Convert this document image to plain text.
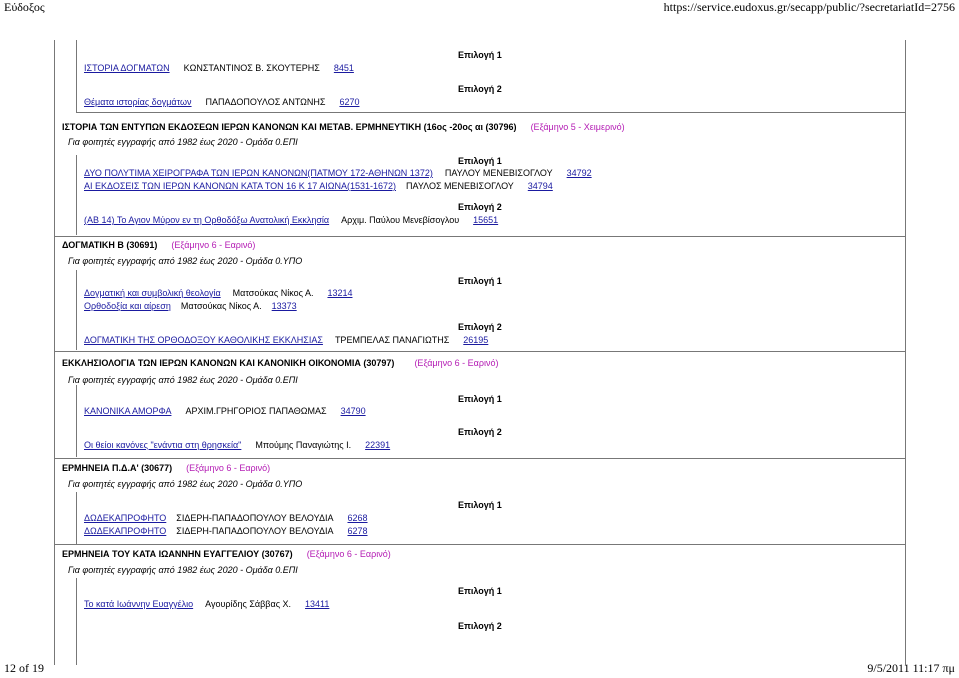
Εύδοξος	https://service.eudoxus.gr/secapp/public/?secretariatId=2756
Επιλογή 1
ΙΣΤΟΡΙΑ ΔΟΓΜΑΤΩΝ ΚΩΝΣΤΑΝΤΙΝΟΣ Β. ΣΚΟΥΤΕΡΗΣ 8451
Επιλογή 2
Θέματα ιστορίας δογμάτων ΠΑΠΑΔΟΠΟΥΛΟΣ ΑΝΤΩΝΗΣ 6270
ΙΣΤΟΡΙΑ ΤΩΝ ΕΝΤΥΠΩΝ ΕΚΔΟΣΕΩΝ ΙΕΡΩΝ ΚΑΝΟΝΩΝ ΚΑΙ ΜΕΤΑΒ. ΕΡΜΗΝΕΥΤΙΚΗ (16ος -20ος αι (30796) (Εξάμηνο 5 - Χειμερινό)
Για φοιτητές εγγραφής από 1982 έως 2020 - Ομάδα 0.ΕΠΙ
Επιλογή 1
ΔΥΟ ΠΟΛΥΤΙΜΑ ΧΕΙΡΟΓΡΑΦΑ ΤΩΝ ΙΕΡΩΝ ΚΑΝΟΝΩΝ(ΠΑΤΜΟΥ 172-ΑΘΗΝΩΝ 1372) ΠΑΥΛΟΥ ΜΕΝΕΒΙΣΟΓΛΟΥ 34792
ΑΙ ΕΚΔΟΣΕΙΣ ΤΩΝ ΙΕΡΩΝ ΚΑΝΟΝΩΝ ΚΑΤΑ ΤΟΝ 16 Κ 17 ΑΙΩΝΑ(1531-1672) ΠΑΥΛΟΣ ΜΕΝΕΒΙΣΟΓΛΟΥ 34794
Επιλογή 2
(ΑΒ 14) Το Αγιον Μύρον εν τη Ορθοδόξω Ανατολική Εκκλησία Αρχιμ. Παύλου Μενεβίσογλου 15651
ΔΟΓΜΑΤΙΚΗ Β (30691) (Εξάμηνο 6 - Εαρινό)
Για φοιτητές εγγραφής από 1982 έως 2020 - Ομάδα 0.ΥΠΟ
Επιλογή 1
Δογματική και συμβολική θεολογία Ματσούκας Νίκος Α. 13214
Ορθοδοξία και αίρεση Ματσούκας Νίκος Α. 13373
Επιλογή 2
ΔΟΓΜΑΤΙΚΗ ΤΗΣ ΟΡΘΟΔΟΞΟΥ ΚΑΘΟΛΙΚΗΣ ΕΚΚΛΗΣΙΑΣ ΤΡΕΜΠΕΛΑΣ ΠΑΝΑΓΙΩΤΗΣ 26195
ΕΚΚΛΗΣΙΟΛΟΓΙΑ ΤΩΝ ΙΕΡΩΝ ΚΑΝΟΝΩΝ ΚΑΙ ΚΑΝΟΝΙΚΗ ΟΙΚΟΝΟΜΙΑ (30797) (Εξάμηνο 6 - Εαρινό)
Για φοιτητές εγγραφής από 1982 έως 2020 - Ομάδα 0.ΕΠΙ
Επιλογή 1
ΚΑΝΟΝΙΚΑ ΑΜΟΡΦΑ ΑΡΧΙΜ.ΓΡΗΓΟΡΙΟΣ ΠΑΠΑΘΩΜΑΣ 34790
Επιλογή 2
Οι θείοι κανόνες "ενάντια στη θρησκεία" Μπούμης Παναγιώτης Ι. 22391
ΕΡΜΗΝΕΙΑ Π.Δ.Α' (30677) (Εξάμηνο 6 - Εαρινό)
Για φοιτητές εγγραφής από 1982 έως 2020 - Ομάδα 0.ΥΠΟ
Επιλογή 1
ΔΩΔΕΚΑΠΡΟΦΗΤΟ ΣΙΔΕΡΗ-ΠΑΠΑΔΟΠΟΥΛΟΥ ΒΕΛΟΥΔΙΑ 6268
ΔΩΔΕΚΑΠΡΟΦΗΤΟ ΣΙΔΕΡΗ-ΠΑΠΑΔΟΠΟΥΛΟΥ ΒΕΛΟΥΔΙΑ 6278
ΕΡΜΗΝΕΙΑ ΤΟΥ ΚΑΤΑ ΙΩΑΝΝΗΝ ΕΥΑΓΓΕΛΙΟΥ (30767) (Εξάμηνο 6 - Εαρινό)
Για φοιτητές εγγραφής από 1982 έως 2020 - Ομάδα 0.ΕΠΙ
Επιλογή 1
Το κατά Ιωάννην Ευαγγέλιο Αγουρίδης Σάββας Χ. 13411
Επιλογή 2
12 of 19	9/5/2011 11:17 πμ
